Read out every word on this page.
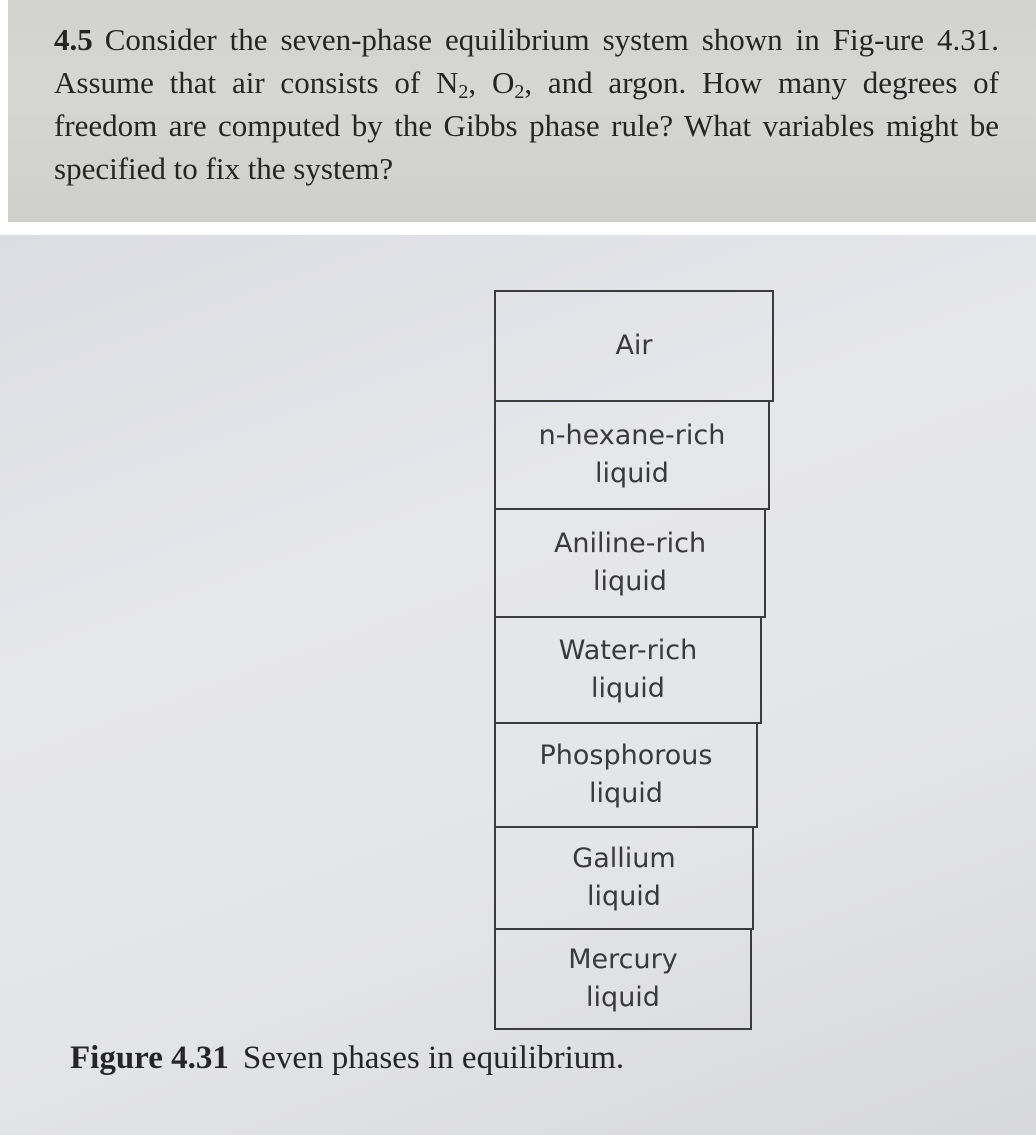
4.5 Consider the seven-phase equilibrium system shown in Fig-ure 4.31. Assume that air consists of $N_2$, $O_2$, and argon. How many degrees of freedom are computed by the Gibbs phase rule? What variables might be specified to fix the system?
Air
n-hexane-rich
liquid
Aniline-rich
liquid
Water-rich
liquid
Phosphorous
liquid
Gallium
liquid
Mercury
liquid
Figure 4.31 Seven phases in equilibrium.
